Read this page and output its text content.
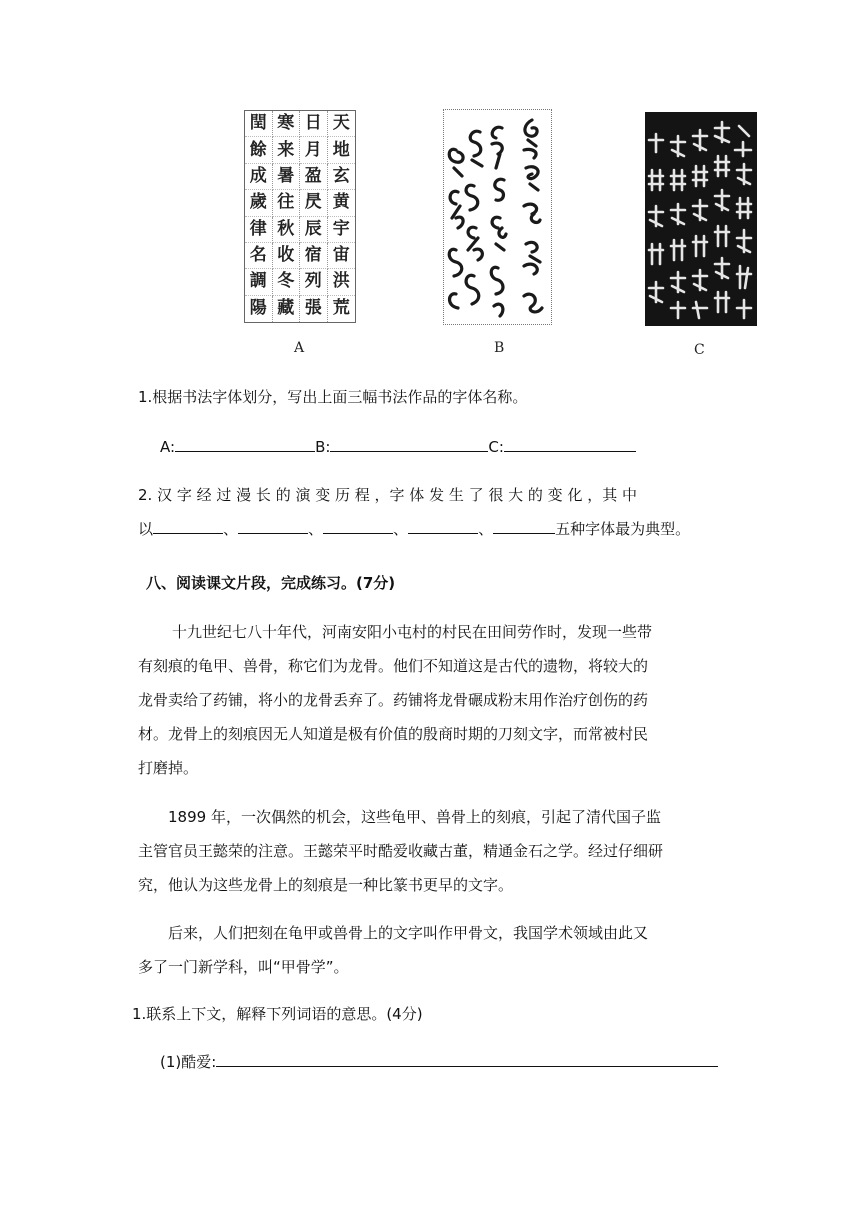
閏 寒 日 天
餘 来 月 地
成 暑 盈 玄
歲 往 昃 黄
律 秋 辰 宇
名 收 宿 宙
調 冬 列 洪
陽 藏 張 荒
A	B	C
1.根据书法字体划分，写出上面三幅书法作品的字体名称。
A:	B:	C:
2. 汉 字 经 过 漫 长 的 演 变 历 程 ，字 体 发 生 了 很 大 的 变 化 ，其 中
以	、	、	、	、	五种字体最为典型。
八、阅读课文片段，完成练习。(7分)
十九世纪七八十年代，河南安阳小屯村的村民在田间劳作时，发现一些带
有刻痕的龟甲、兽骨，称它们为龙骨。他们不知道这是古代的遗物，将较大的
龙骨卖给了药铺，将小的龙骨丢弃了。药铺将龙骨碾成粉末用作治疗创伤的药
材。龙骨上的刻痕因无人知道是极有价值的殷商时期的刀刻文字，而常被村民
打磨掉。
1899 年，一次偶然的机会，这些龟甲、兽骨上的刻痕，引起了清代国子监
主管官员王懿荣的注意。王懿荣平时酷爱收藏古董，精通金石之学。经过仔细研
究，他认为这些龙骨上的刻痕是一种比篆书更早的文字。
后来，人们把刻在龟甲或兽骨上的文字叫作甲骨文，我国学术领域由此又
多了一门新学科，叫“甲骨学”。
1.联系上下文，解释下列词语的意思。(4分)
(1)酷爱:
